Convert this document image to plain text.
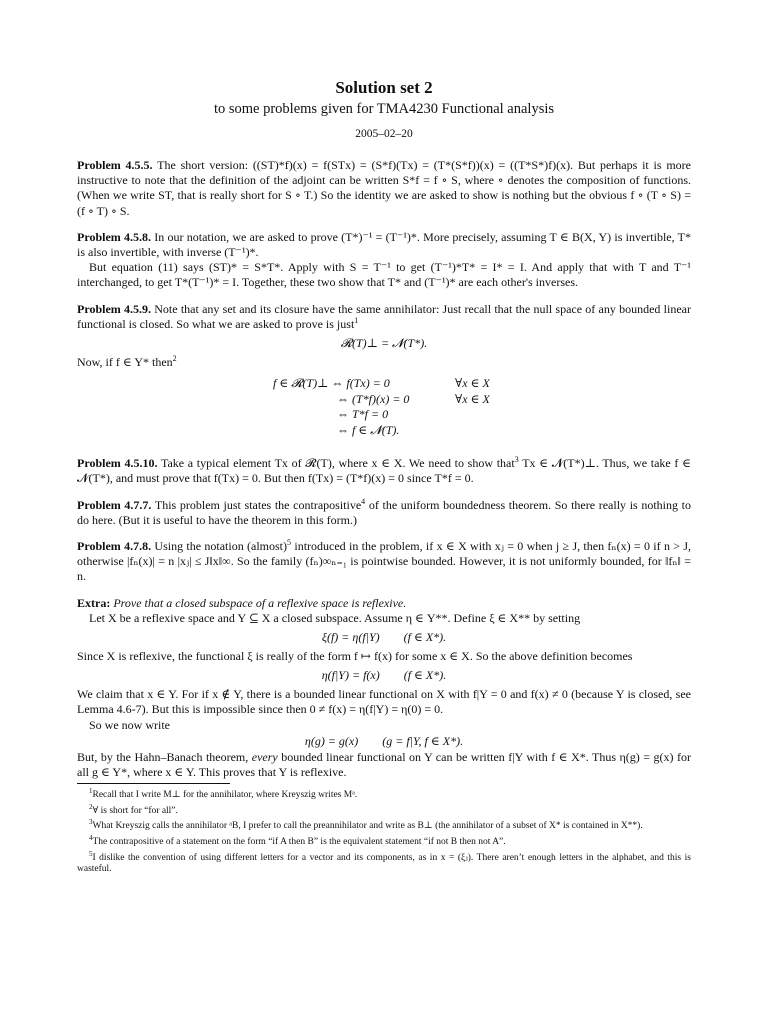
Solution set 2
to some problems given for TMA4230 Functional analysis
2005–02–20

Problem 4.5.5. The short version: ((ST)*f)(x) = f(STx) = (S*f)(Tx) = (T*(S*f))(x) = ((T*S*)f)(x). But perhaps it is more instructive to note that the definition of the adjoint can be written S*f = f ∘ S, where ∘ denotes the composition of functions. (When we write ST, that is really short for S ∘ T.) So the identity we are asked to show is nothing but the obvious f ∘ (T ∘ S) = (f ∘ T) ∘ S.

Problem 4.5.8. In our notation, we are asked to prove (T*)⁻¹ = (T⁻¹)*. More precisely, assuming T ∈ B(X, Y) is invertible, T* is also invertible, with inverse (T⁻¹)*.

But equation (11) says (ST)* = S*T*. Apply with S = T⁻¹ to get (T⁻¹)*T* = I* = I. And apply that with T and T⁻¹ interchanged, to get T*(T⁻¹)* = I. Together, these two show that T* and (T⁻¹)* are each other's inverses.

Problem 4.5.9. Note that any set and its closure have the same annihilator: Just recall that the null space of any bounded linear functional is closed. So what we are asked to prove is just$^1$

𝓡(T)⊥ = 𝓝(T*).

Now, if f ∈ Y* then$^2$

f ∈ 𝓡(T)⊥ ⇔ f(Tx) = 0	∀x ∈ X
⇔ (T*f)(x) = 0	∀x ∈ X
⇔ T*f = 0
⇔ f ∈ 𝓝(T).

Problem 4.5.10. Take a typical element Tx of 𝓡(T), where x ∈ X. We need to show that$^3$ Tx ∈ 𝓝(T*)⊥. Thus, we take f ∈ 𝓝(T*), and must prove that f(Tx) = 0. But then f(Tx) = (T*f)(x) = 0 since T*f = 0.

Problem 4.7.7. This problem just states the contrapositive$^4$ of the uniform boundedness theorem. So there really is nothing to do here. (But it is useful to have the theorem in this form.)

Problem 4.7.8. Using the notation (almost)$^5$ introduced in the problem, if x ∈ X with xⱼ = 0 when j ≥ J, then fₙ(x) = 0 if n > J, otherwise |fₙ(x)| = n |xⱼ| ≤ J‖x‖∞. So the family (fₙ)∞ₙ₌₁ is pointwise bounded. However, it is not uniformly bounded, for ‖fₙ‖ = n.

Extra: Prove that a closed subspace of a reflexive space is reflexive.

Let X be a reflexive space and Y ⊆ X a closed subspace. Assume η ∈ Y**. Define ξ ∈ X** by setting

ξ(f) = η(f|Y)        (f ∈ X*).

Since X is reflexive, the functional ξ is really of the form f ↦ f(x) for some x ∈ X. So the above definition becomes

η(f|Y) = f(x)        (f ∈ X*).

We claim that x ∈ Y. For if x ∉ Y, there is a bounded linear functional on X with f|Y = 0 and f(x) ≠ 0 (because Y is closed, see Lemma 4.6-7). But this is impossible since then 0 ≠ f(x) = η(f|Y) = η(0) = 0.

So we now write

η(g) = g(x)        (g = f|Y, f ∈ X*).

But, by the Hahn–Banach theorem, every bounded linear functional on Y can be written f|Y with f ∈ X*. Thus η(g) = g(x) for all g ∈ Y*, where x ∈ Y. This proves that Y is reflexive.

$^1$Recall that I write M⊥ for the annihilator, where Kreyszig writes Mᵃ.

$^2$∀ is short for “for all”.

$^3$What Kreyszig calls the annihilator ᵃB, I prefer to call the preannihilator and write as B⊥ (the annihilator of a subset of X* is contained in X**).

$^4$The contrapositive of a statement on the form “if A then B” is the equivalent statement “if not B then not A”.

$^5$I dislike the convention of using different letters for a vector and its components, as in x = (ξⱼ). There aren’t enough letters in the alphabet, and this is wasteful.
